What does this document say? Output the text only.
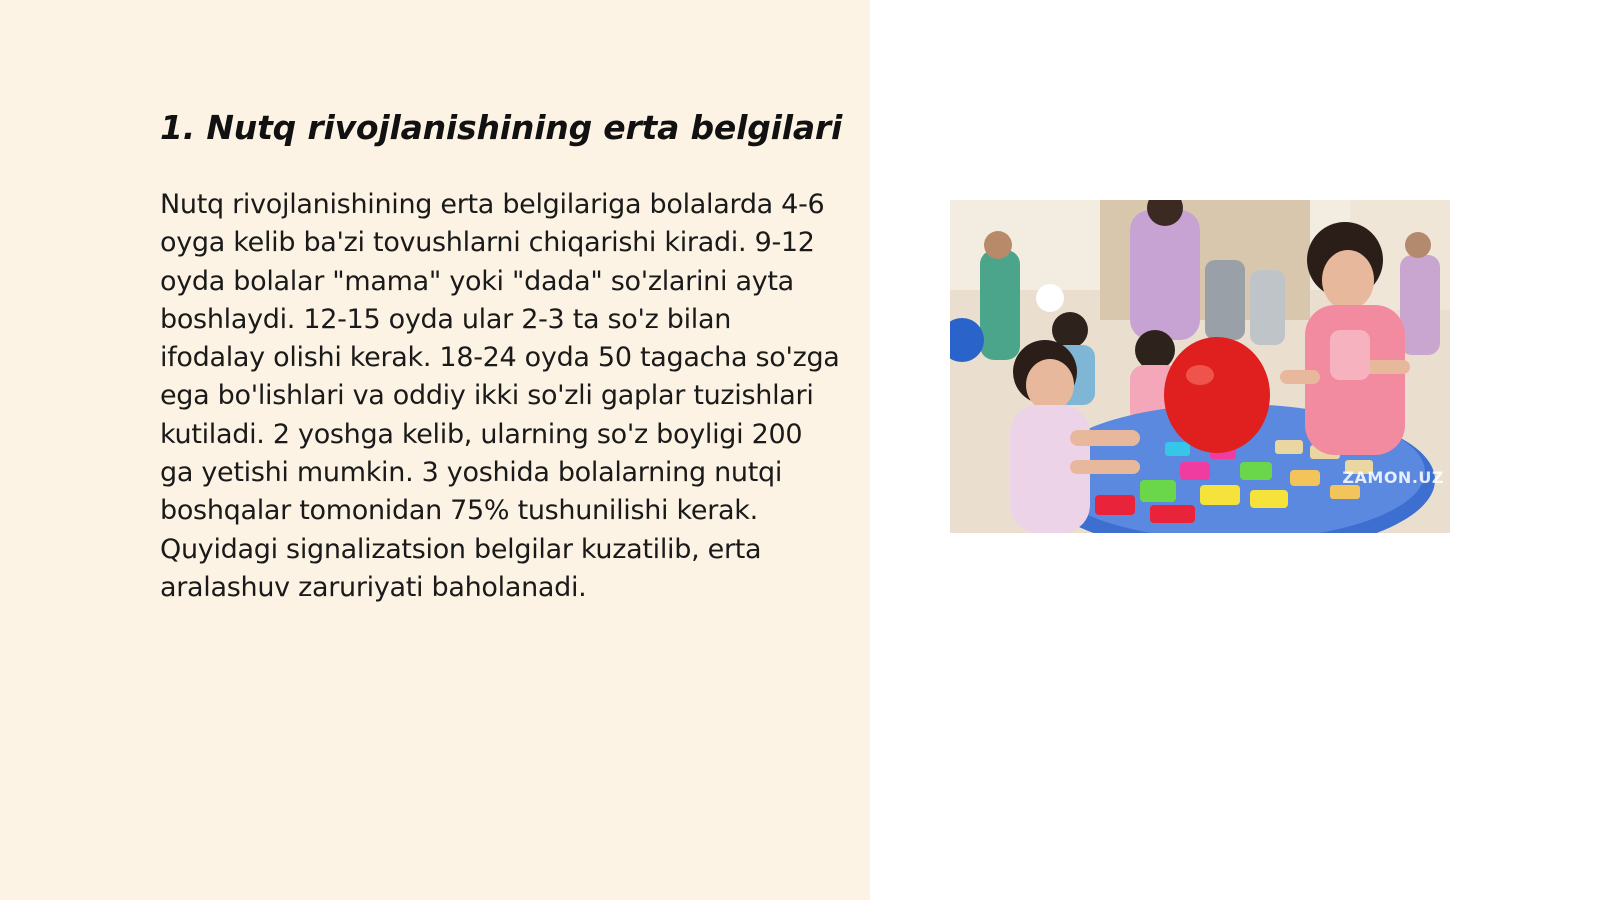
1. Nutq rivojlanishining erta belgilari

Nutq rivojlanishining erta belgilariga bolalarda 4-6 oyga kelib ba'zi tovushlarni chiqarishi kiradi. 9-12 oyda bolalar "mama" yoki "dada" so'zlarini ayta boshlaydi. 12-15 oyda ular 2-3 ta so'z bilan ifodalay olishi kerak. 18-24 oyda 50 tagacha so'zga ega bo'lishlari va oddiy ikki so'zli gaplar tuzishlari kutiladi. 2 yoshga kelib, ularning so'z boyligi 200 ga yetishi mumkin. 3 yoshida bolalarning nutqi boshqalar tomonidan 75% tushunilishi kerak. Quyidagi signalizatsion belgilar kuzatilib, erta aralashuv zaruriyati baholanadi.

ZAMON.UZ
